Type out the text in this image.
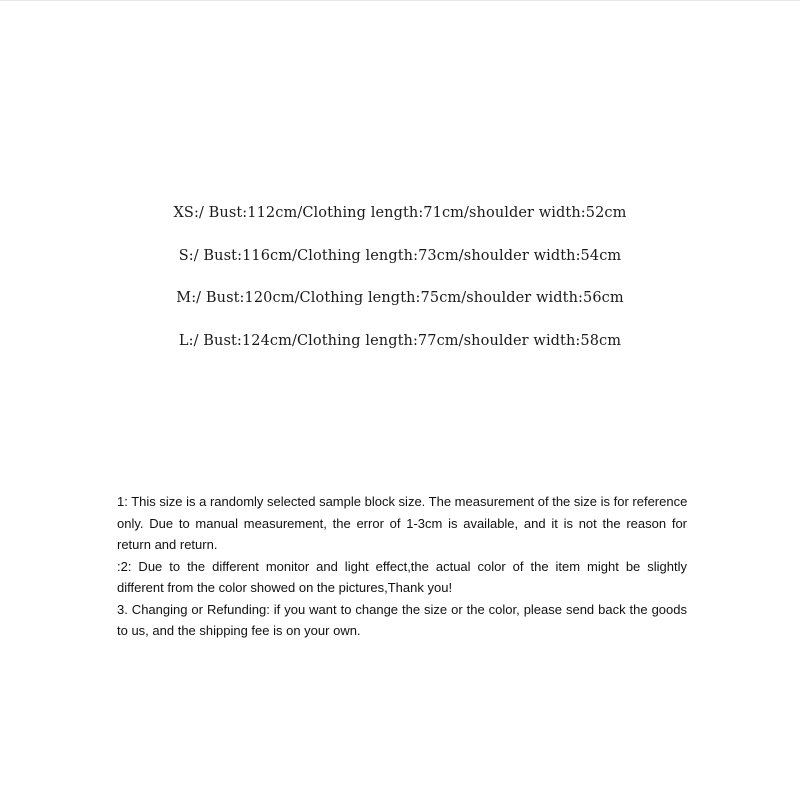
XS:/ Bust:112cm/Clothing length:71cm/shoulder width:52cm
S:/ Bust:116cm/Clothing length:73cm/shoulder width:54cm
M:/ Bust:120cm/Clothing length:75cm/shoulder width:56cm
L:/ Bust:124cm/Clothing length:77cm/shoulder width:58cm
1: This size is a randomly selected sample block size. The measurement of the size is for reference
only. Due to manual measurement, the error of 1-3cm is available, and it is not the reason for
return and return.
:2: Due to the different monitor and light effect,the actual color of the item might be slightly
different from the color showed on the pictures,Thank you!
3. Changing or Refunding: if you want to change the size or the color, please send back the goods
to us, and the shipping fee is on your own.
